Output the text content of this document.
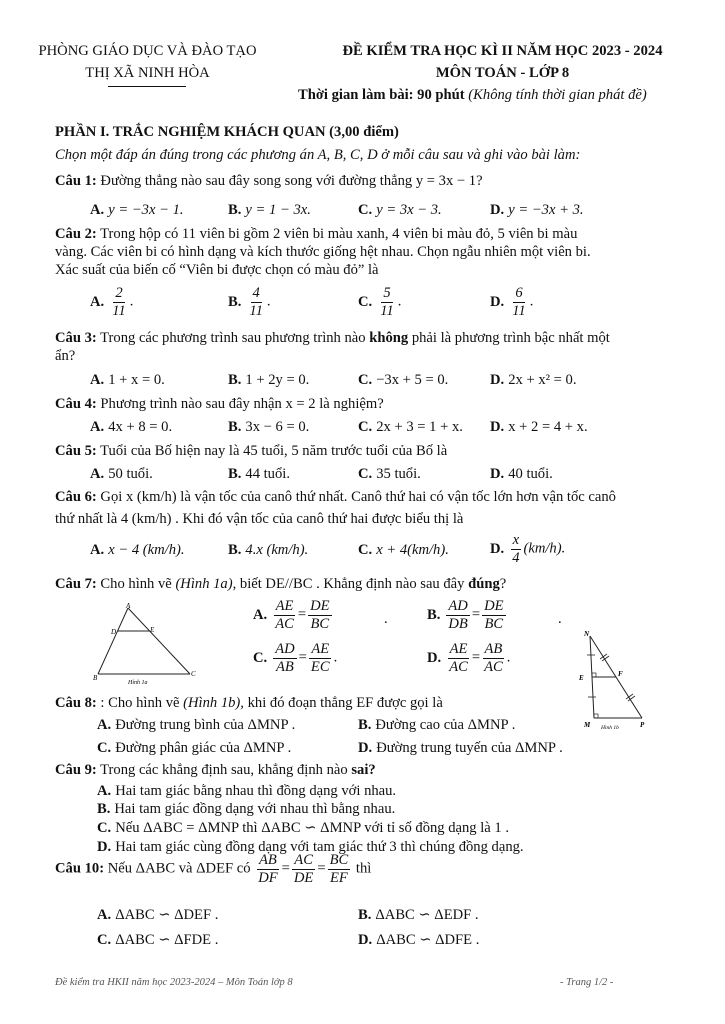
PHÒNG GIÁO DỤC VÀ ĐÀO TẠO
THỊ XÃ NINH HÒA
ĐỀ KIỂM TRA HỌC KÌ II NĂM HỌC 2023 - 2024
MÔN TOÁN - LỚP 8
Thời gian làm bài: 90 phút (Không tính thời gian phát đề)
PHẦN I. TRẮC NGHIỆM KHÁCH QUAN (3,00 điểm)
Chọn một đáp án đúng trong các phương án A, B, C, D ở mỗi câu sau và ghi vào bài làm:
Câu 1: Đường thẳng nào sau đây song song với đường thẳng y = 3x − 1?
A. y = −3x − 1.	B. y = 1 − 3x.	C. y = 3x − 3.	D. y = −3x + 3.
Câu 2: Trong hộp có 11 viên bi gồm 2 viên bi màu xanh, 4 viên bi màu đỏ, 5 viên bi màu
vàng. Các viên bi có hình dạng và kích thước giống hệt nhau. Chọn ngẫu nhiên một viên bi.
Xác suất của biến cố “Viên bi được chọn có màu đỏ” là
A. $\frac{2}{11}$ .	B. $\frac{4}{11}$ .	C. $\frac{5}{11}$ .	D. $\frac{6}{11}$ .
Câu 3: Trong các phương trình sau phương trình nào không phải là phương trình bậc nhất một
ẩn?
A. 1 + x = 0.	B. 1 + 2y = 0.	C. −3x + 5 = 0.	D. 2x + x² = 0.
Câu 4: Phương trình nào sau đây nhận x = 2 là nghiệm?
A. 4x + 8 = 0.	B. 3x − 6 = 0.	C. 2x + 3 = 1 + x. D. x + 2 = 4 + x.
Câu 5: Tuổi của Bố hiện nay là 45 tuổi, 5 năm trước tuổi của Bố là
A. 50 tuổi.	B. 44 tuổi.	C. 35 tuổi.	D. 40 tuổi.
Câu 6: Gọi x (km/h) là vận tốc của canô thứ nhất. Canô thứ hai có vận tốc lớn hơn vận tốc canô
thứ nhất là 4 (km/h) . Khi đó vận tốc của canô thứ hai được biểu thị là
A. x − 4 (km/h).	B. 4.x (km/h).	C. x + 4(km/h).	D. $\frac{x}{4} (km/h)$.
Câu 7: Cho hình vẽ (Hình 1a), biết DE//BC . Khẳng định nào sau đây đúng?
A
D	E
B	C
Hình 1a
A. $\frac{AE}{AC} = \frac{DE}{BC}$	.	B. $\frac{AD}{DB} = \frac{DE}{BC}$	.
C. $\frac{AD}{AB} = \frac{AE}{EC}$ .	D. $\frac{AE}{AC} = \frac{AB}{AC}$ .
N
E	F
M	P
Hình 1b
Câu 8: : Cho hình vẽ (Hình 1b), khi đó đoạn thẳng EF được gọi là
A. Đường trung bình của ΔMNP .	B. Đường cao của ΔMNP .
C. Đường phân giác của ΔMNP .	D. Đường trung tuyến của ΔMNP .
Câu 9: Trong các khẳng định sau, khẳng định nào sai?
A. Hai tam giác bằng nhau thì đồng dạng với nhau.
B. Hai tam giác đồng dạng với nhau thì bằng nhau.
C. Nếu ΔABC = ΔMNP thì ΔABC ∽ ΔMNP với tỉ số đồng dạng là 1 .
D. Hai tam giác cùng đồng dạng với tam giác thứ 3 thì chúng đồng dạng.
Câu 10: Nếu ΔABC và ΔDEF có $\frac{AB}{DF} = \frac{AC}{DE} = \frac{BC}{EF}$ thì
A. ΔABC ∽ ΔDEF .	B. ΔABC ∽ ΔEDF .
C. ΔABC ∽ ΔFDE .	D. ΔABC ∽ ΔDFE .
Đề kiểm tra HKII năm học 2023-2024 – Môn Toán lớp 8	- Trang 1/2 -
